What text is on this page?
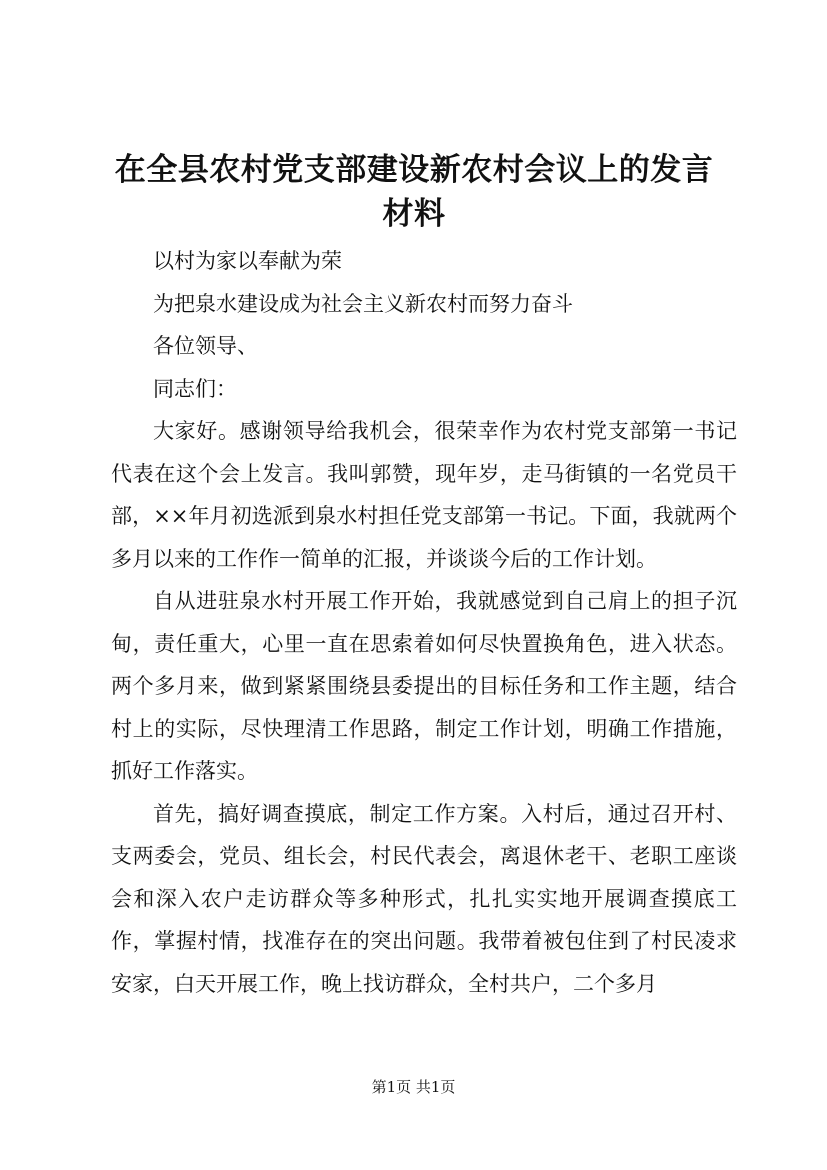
在全县农村党支部建设新农村会议上的发言材料

以村为家以奉献为荣

为把泉水建设成为社会主义新农村而努力奋斗

各位领导、

同志们：

大家好。感谢领导给我机会，很荣幸作为农村党支部第一书记代表在这个会上发言。我叫郭赞，现年岁，走马街镇的一名党员干部，××年月初选派到泉水村担任党支部第一书记。下面，我就两个多月以来的工作作一简单的汇报，并谈谈今后的工作计划。

自从进驻泉水村开展工作开始，我就感觉到自己肩上的担子沉甸，责任重大，心里一直在思索着如何尽快置换角色，进入状态。两个多月来，做到紧紧围绕县委提出的目标任务和工作主题，结合村上的实际，尽快理清工作思路，制定工作计划，明确工作措施，抓好工作落实。

首先，搞好调查摸底，制定工作方案。入村后，通过召开村、支两委会，党员、组长会，村民代表会，离退休老干、老职工座谈会和深入农户走访群众等多种形式，扎扎实实地开展调查摸底工作，掌握村情，找准存在的突出问题。我带着被包住到了村民凌求安家，白天开展工作，晚上找访群众，全村共户，二个多月

第1页 共1页
